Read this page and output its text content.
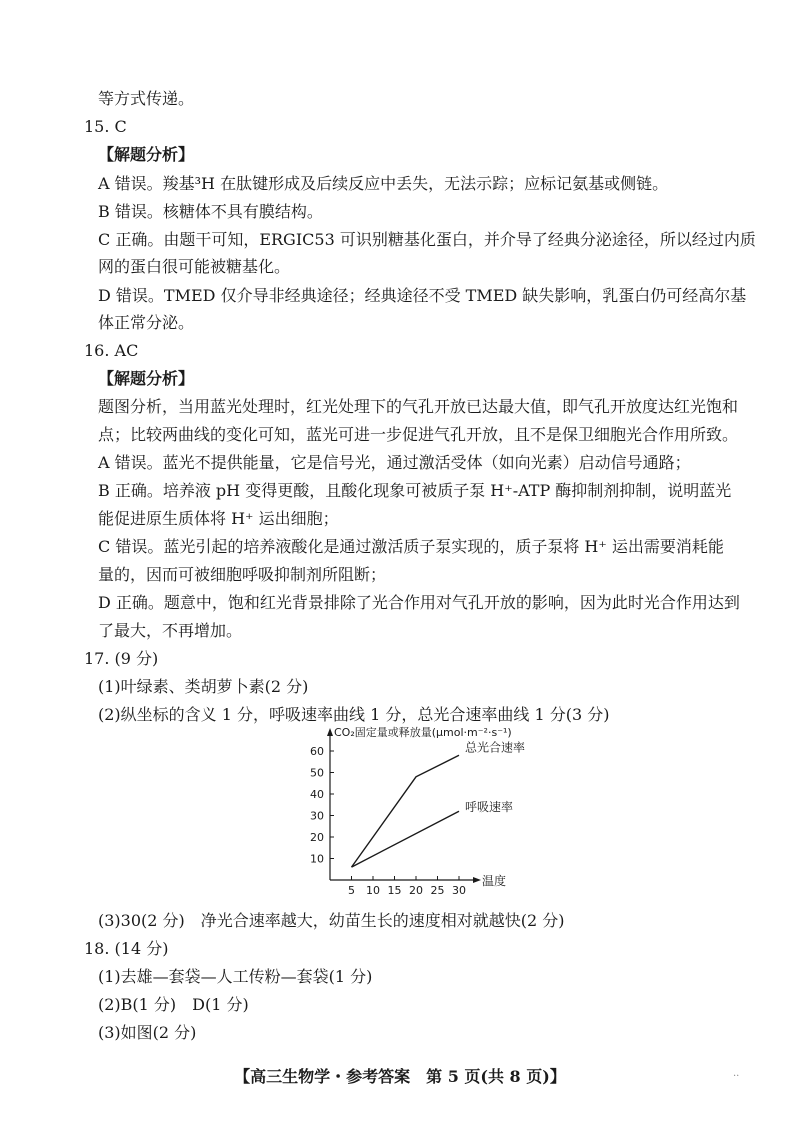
等方式传递。
15. C
【解题分析】
A 错误。羧基³H 在肽键形成及后续反应中丢失，无法示踪；应标记氨基或侧链。
B 错误。核糖体不具有膜结构。
C 正确。由题干可知，ERGIC53 可识别糖基化蛋白，并介导了经典分泌途径，所以经过内质
网的蛋白很可能被糖基化。
D 错误。TMED 仅介导非经典途径；经典途径不受 TMED 缺失影响，乳蛋白仍可经高尔基
体正常分泌。
16. AC
【解题分析】
题图分析，当用蓝光处理时，红光处理下的气孔开放已达最大值，即气孔开放度达红光饱和
点；比较两曲线的变化可知，蓝光可进一步促进气孔开放，且不是保卫细胞光合作用所致。
A 错误。蓝光不提供能量，它是信号光，通过激活受体（如向光素）启动信号通路；
B 正确。培养液 pH 变得更酸，且酸化现象可被质子泵 H⁺-ATP 酶抑制剂抑制，说明蓝光
能促进原生质体将 H⁺ 运出细胞；
C 错误。蓝光引起的培养液酸化是通过激活质子泵实现的，质子泵将 H⁺ 运出需要消耗能
量的，因而可被细胞呼吸抑制剂所阻断；
D 正确。题意中，饱和红光背景排除了光合作用对气孔开放的影响，因为此时光合作用达到
了最大，不再增加。
17. (9 分)
(1)叶绿素、类胡萝卜素(2 分)
(2)纵坐标的含义 1 分，呼吸速率曲线 1 分，总光合速率曲线 1 分(3 分)
CO₂固定量或释放量(μmol·m⁻²·s⁻¹)
温度
5 10 15 20 25 30
10
20
30
40
50
60	总光合速率
呼吸速率
(3)30(2 分)　净光合速率越大，幼苗生长的速度相对就越快(2 分)
18. (14 分)
(1)去雄—套袋—人工传粉—套袋(1 分)
(2)B(1 分)　D(1 分)
(3)如图(2 分)
【高三生物学・参考答案　第 5 页(共 8 页)】	..
